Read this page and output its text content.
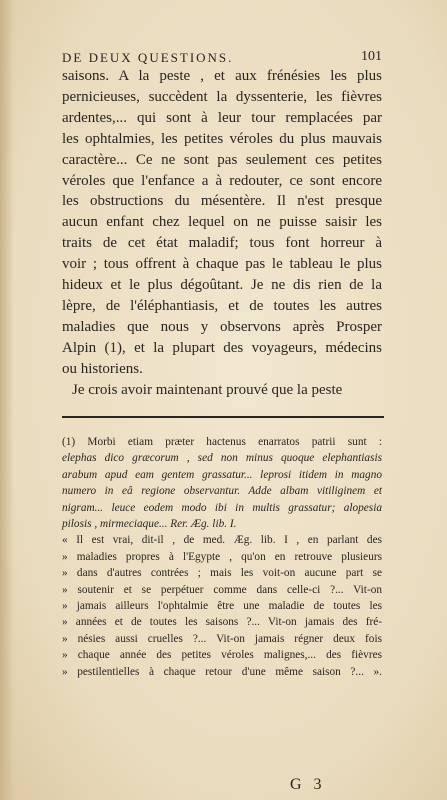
DE DEUX QUESTIONS.	101
saisons. A la peste , et aux frénésies les plus
pernicieuses, succèdent la dyssenterie, les fièvres
ardentes,... qui sont à leur tour remplacées par
les ophtalmies, les petites véroles du plus mauvais
caractère... Ce ne sont pas seulement ces petites
véroles que l'enfance a à redouter, ce sont encore
les obstructions du mésentère. Il n'est presque
aucun enfant chez lequel on ne puisse saisir les
traits de cet état maladif; tous font horreur à
voir ; tous offrent à chaque pas le tableau le plus
hideux et le plus dégoûtant. Je ne dis rien de la
lèpre, de l'éléphantiasis, et de toutes les autres
maladies que nous y observons après Prosper
Alpin (1), et la plupart des voyageurs, médecins
ou historiens.
Je crois avoir maintenant prouvé que la peste
(1) Morbi etiam præter hactenus enarratos patrii sunt :
elephas dico græcorum , sed non minus quoque elephantiasis
arabum apud eam gentem grassatur... leprosi itidem in magno
numero in eâ regione observantur. Adde albam vitiliginem et
nigram... leuce eodem modo ibi in multis grassatur; alopesia
pilosis , mirmeciaque... Rer. Æg. lib. I.
« Il est vrai, dit-il , de med. Æg. lib. I , en parlant des
» maladies propres à l'Egypte , qu'on en retrouve plusieurs
» dans d'autres contrées ; mais les voit-on aucune part se
» soutenir et se perpétuer comme dans celle-ci ?... Vit-on
» jamais ailleurs l'ophtalmie être une maladie de toutes les
» années et de toutes les saisons ?... Vit-on jamais des fré-
» nésies aussi cruelles ?... Vit-on jamais régner deux fois
» chaque année des petites véroles malignes,... des fièvres
» pestilentielles à chaque retour d'une même saison ?... ».
G 3
